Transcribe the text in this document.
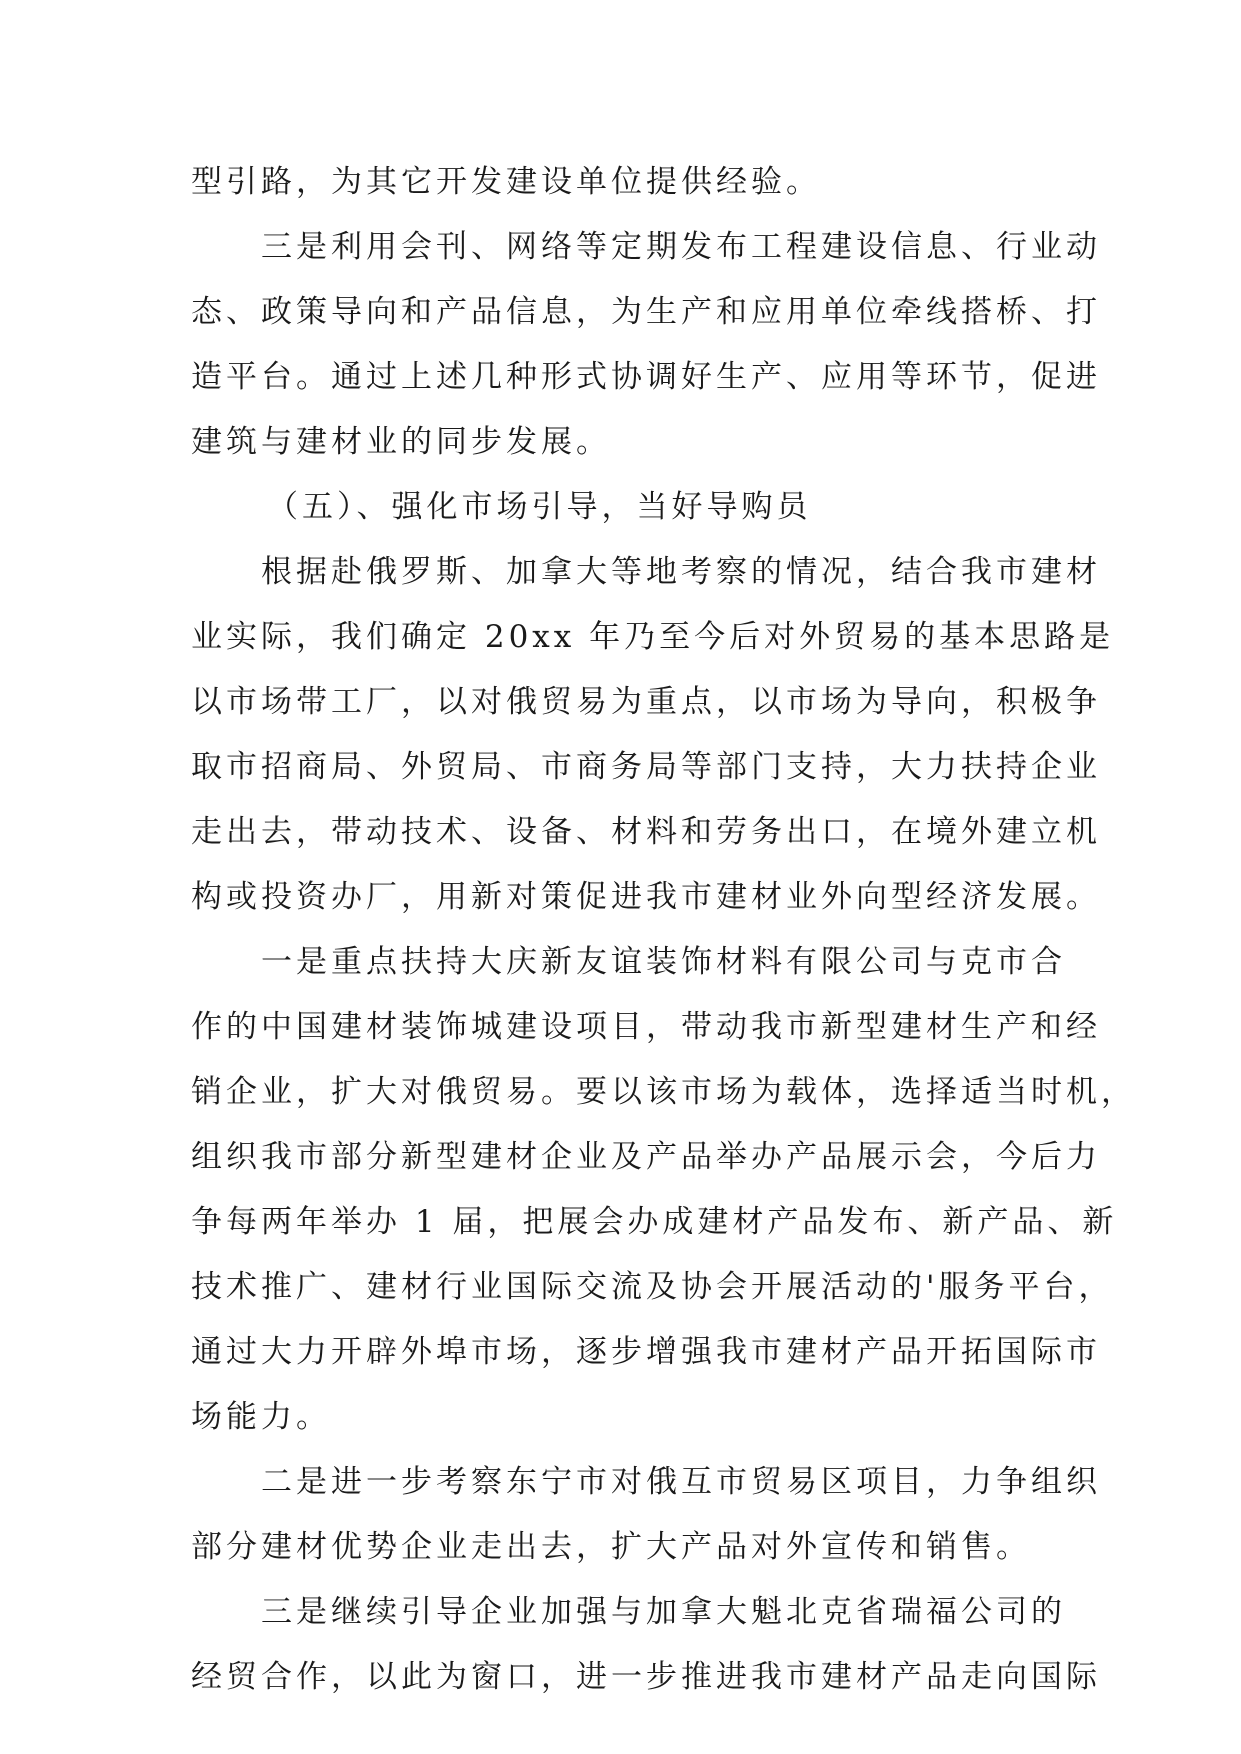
型引路，为其它开发建设单位提供经验。
三是利用会刊、网络等定期发布工程建设信息、行业动
态、政策导向和产品信息，为生产和应用单位牵线搭桥、打
造平台。通过上述几种形式协调好生产、应用等环节，促进
建筑与建材业的同步发展。
（五）、强化市场引导，当好导购员
根据赴俄罗斯、加拿大等地考察的情况，结合我市建材
业实际，我们确定 20xx 年乃至今后对外贸易的基本思路是
以市场带工厂，以对俄贸易为重点，以市场为导向，积极争
取市招商局、外贸局、市商务局等部门支持，大力扶持企业
走出去，带动技术、设备、材料和劳务出口，在境外建立机
构或投资办厂，用新对策促进我市建材业外向型经济发展。
一是重点扶持大庆新友谊装饰材料有限公司与克市合
作的中国建材装饰城建设项目，带动我市新型建材生产和经
销企业，扩大对俄贸易。要以该市场为载体，选择适当时机，
组织我市部分新型建材企业及产品举办产品展示会，今后力
争每两年举办 1 届，把展会办成建材产品发布、新产品、新
技术推广、建材行业国际交流及协会开展活动的'服务平台，
通过大力开辟外埠市场，逐步增强我市建材产品开拓国际市
场能力。
二是进一步考察东宁市对俄互市贸易区项目，力争组织
部分建材优势企业走出去，扩大产品对外宣传和销售。
三是继续引导企业加强与加拿大魁北克省瑞福公司的
经贸合作，以此为窗口，进一步推进我市建材产品走向国际
